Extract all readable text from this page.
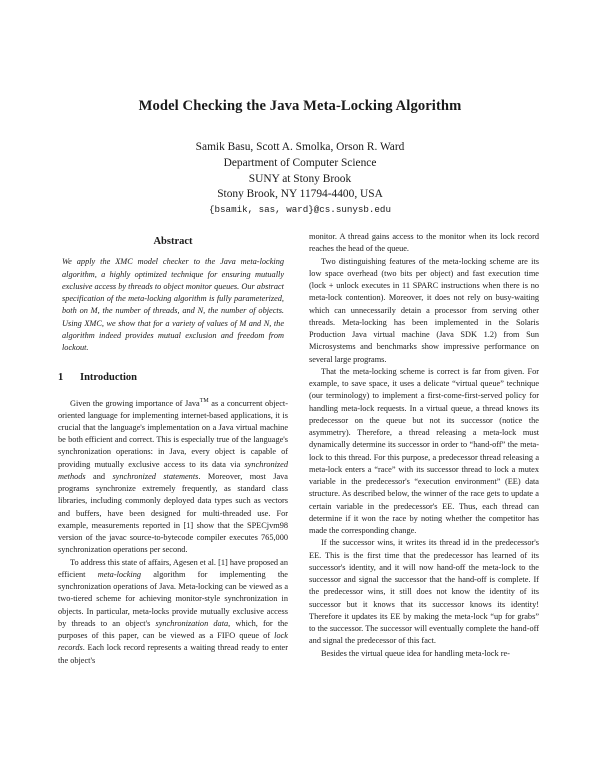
Model Checking the Java Meta-Locking Algorithm
Samik Basu, Scott A. Smolka, Orson R. Ward
Department of Computer Science
SUNY at Stony Brook
Stony Brook, NY 11794-4400, USA
{bsamik, sas, ward}@cs.sunysb.edu
Abstract

We apply the XMC model checker to the Java meta-locking algorithm, a highly optimized technique for ensuring mutually exclusive access by threads to object monitor queues. Our abstract specification of the meta-locking algorithm is fully parameterized, both on M, the number of threads, and N, the number of objects. Using XMC, we show that for a variety of values of M and N, the algorithm indeed provides mutual exclusion and freedom from lockout.

1 Introduction

Given the growing importance of Java™ as a concurrent object-oriented language for implementing internet-based applications, it is crucial that the language's implementation on a Java virtual machine be both efficient and correct. This is especially true of the language's synchronization operations: in Java, every object is capable of providing mutually exclusive access to its data via synchronized methods and synchronized statements. Moreover, most Java programs synchronize extremely frequently, as standard class libraries, including commonly deployed data types such as vectors and buffers, have been designed for multi-threaded use. For example, measurements reported in [1] show that the SPECjvm98 version of the javac source-to-bytecode compiler executes 765,000 synchronization operations per second.

To address this state of affairs, Agesen et al. [1] have proposed an efficient meta-locking algorithm for implementing the synchronization operations of Java. Meta-locking can be viewed as a two-tiered scheme for achieving monitor-style synchronization in objects. In particular, meta-locks provide mutually exclusive access by threads to an object's synchronization data, which, for the purposes of this paper, can be viewed as a FIFO queue of lock records. Each lock record represents a waiting thread ready to enter the object's

monitor. A thread gains access to the monitor when its lock record reaches the head of the queue.

Two distinguishing features of the meta-locking scheme are its low space overhead (two bits per object) and fast execution time (lock + unlock executes in 11 SPARC instructions when there is no meta-lock contention). Moreover, it does not rely on busy-waiting which can unnecessarily detain a processor from serving other threads. Meta-locking has been implemented in the Solaris Production Java virtual machine (Java SDK 1.2) from Sun Microsystems and benchmarks show impressive performance on several large programs.

That the meta-locking scheme is correct is far from given. For example, to save space, it uses a delicate “virtual queue” technique (our terminology) to implement a first-come-first-served policy for handling meta-lock requests. In a virtual queue, a thread knows its predecessor on the queue but not its successor (notice the asymmetry). Therefore, a thread releasing a meta-lock must dynamically determine its successor in order to “hand-off” the meta-lock to this thread. For this purpose, a predecessor thread releasing a meta-lock enters a “race” with its successor thread to lock a mutex variable in the predecessor's “execution environment” (EE) data structure. As described below, the winner of the race gets to update a certain variable in the predecessor's EE. Thus, each thread can determine if it won the race by noting whether the competitor has made the corresponding change.

If the successor wins, it writes its thread id in the predecessor's EE. This is the first time that the predecessor has learned of its successor's identity, and it will now hand-off the meta-lock to the successor and signal the successor that the hand-off is complete. If the predecessor wins, it still does not know the identity of its successor but it knows that its successor knows its identity! Therefore it updates its EE by making the meta-lock “up for grabs” to the successor. The successor will eventually complete the hand-off and signal the predecessor of this fact.

Besides the virtual queue idea for handling meta-lock re-
